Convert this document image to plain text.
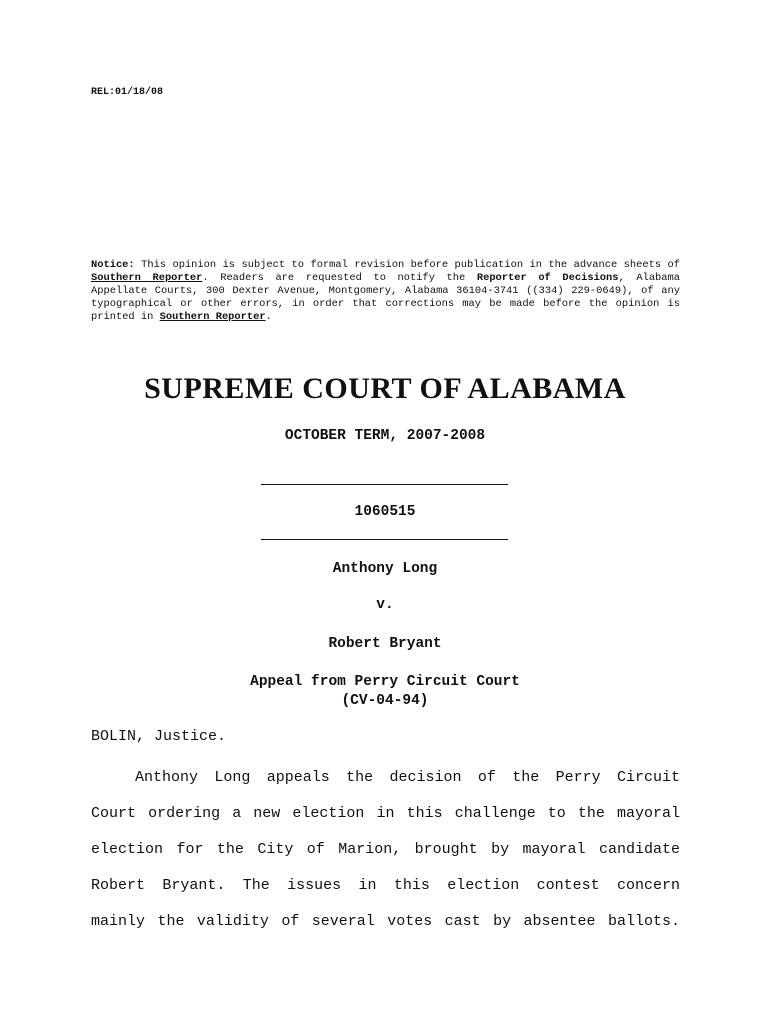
REL:01/18/08
Notice: This opinion is subject to formal revision before publication in the advance sheets of Southern Reporter. Readers are requested to notify the Reporter of Decisions, Alabama Appellate Courts, 300 Dexter Avenue, Montgomery, Alabama 36104-3741 ((334) 229-0649), of any typographical or other errors, in order that corrections may be made before the opinion is printed in Southern Reporter.
SUPREME COURT OF ALABAMA
OCTOBER TERM, 2007-2008
1060515
Anthony Long
v.
Robert Bryant
Appeal from Perry Circuit Court
(CV-04-94)
BOLIN, Justice.

Anthony Long appeals the decision of the Perry Circuit

Court ordering a new election in this challenge to the mayoral

election for the City of Marion, brought by mayoral candidate

Robert Bryant. The issues in this election contest concern

mainly the validity of several votes cast by absentee ballots.
